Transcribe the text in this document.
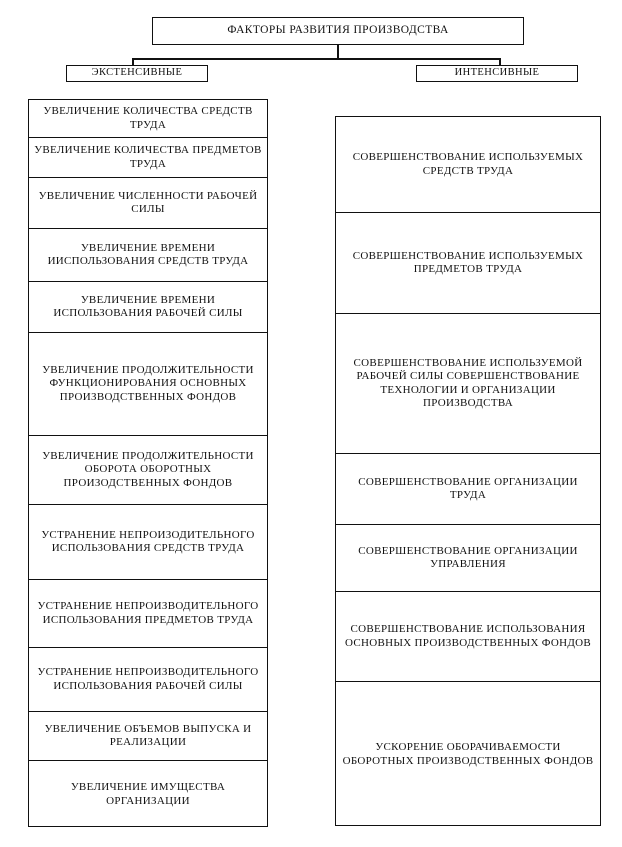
ФАКТОРЫ РАЗВИТИЯ ПРОИЗВОДСТВА
ЭКСТЕНСИВНЫЕ	ИНТЕНСИВНЫЕ
УВЕЛИЧЕНИЕ КОЛИЧЕСТВА СРЕДСТВ ТРУДА
УВЕЛИЧЕНИЕ КОЛИЧЕСТВА ПРЕДМЕТОВ ТРУДА
УВЕЛИЧЕНИЕ ЧИСЛЕННОСТИ РАБОЧЕЙ СИЛЫ
УВЕЛИЧЕНИЕ ВРЕМЕНИ ИИСПОЛЬЗОВАНИЯ СРЕДСТВ ТРУДА
УВЕЛИЧЕНИЕ ВРЕМЕНИ ИСПОЛЬЗОВАНИЯ РАБОЧЕЙ СИЛЫ
УВЕЛИЧЕНИЕ ПРОДОЛЖИТЕЛЬНОСТИ ФУНКЦИОНИРОВАНИЯ ОСНОВНЫХ ПРОИЗВОДСТВЕННЫХ ФОНДОВ
УВЕЛИЧЕНИЕ ПРОДОЛЖИТЕЛЬНОСТИ ОБОРОТА ОБОРОТНЫХ ПРОИЗОДСТВЕННЫХ ФОНДОВ
УСТРАНЕНИЕ НЕПРОИЗОДИТЕЛЬНОГО ИСПОЛЬЗОВАНИЯ СРЕДСТВ ТРУДА
УСТРАНЕНИЕ НЕПРОИЗВОДИТЕЛЬНОГО ИСПОЛЬЗОВАНИЯ ПРЕДМЕТОВ ТРУДА
УСТРАНЕНИЕ НЕПРОИЗВОДИТЕЛЬНОГО ИСПОЛЬЗОВАНИЯ РАБОЧЕЙ СИЛЫ
УВЕЛИЧЕНИЕ ОБЪЕМОВ ВЫПУСКА И РЕАЛИЗАЦИИ
УВЕЛИЧЕНИЕ ИМУЩЕСТВА ОРГАНИЗАЦИИ
СОВЕРШЕНСТВОВАНИЕ ИСПОЛЬЗУЕМЫХ СРЕДСТВ ТРУДА
СОВЕРШЕНСТВОВАНИЕ ИСПОЛЬЗУЕМЫХ ПРЕДМЕТОВ ТРУДА
СОВЕРШЕНСТВОВАНИЕ ИСПОЛЬЗУЕМОЙ РАБОЧЕЙ СИЛЫ СОВЕРШЕНСТВОВАНИЕ ТЕХНОЛОГИИ И ОРГАНИЗАЦИИ ПРОИЗВОДСТВА
СОВЕРШЕНСТВОВАНИЕ ОРГАНИЗАЦИИ ТРУДА
СОВЕРШЕНСТВОВАНИЕ ОРГАНИЗАЦИИ УПРАВЛЕНИЯ
СОВЕРШЕНСТВОВАНИЕ ИСПОЛЬЗОВАНИЯ ОСНОВНЫХ ПРОИЗВОДСТВЕННЫХ ФОНДОВ
УСКОРЕНИЕ ОБОРАЧИВАЕМОСТИ ОБОРОТНЫХ ПРОИЗВОДСТВЕННЫХ ФОНДОВ
